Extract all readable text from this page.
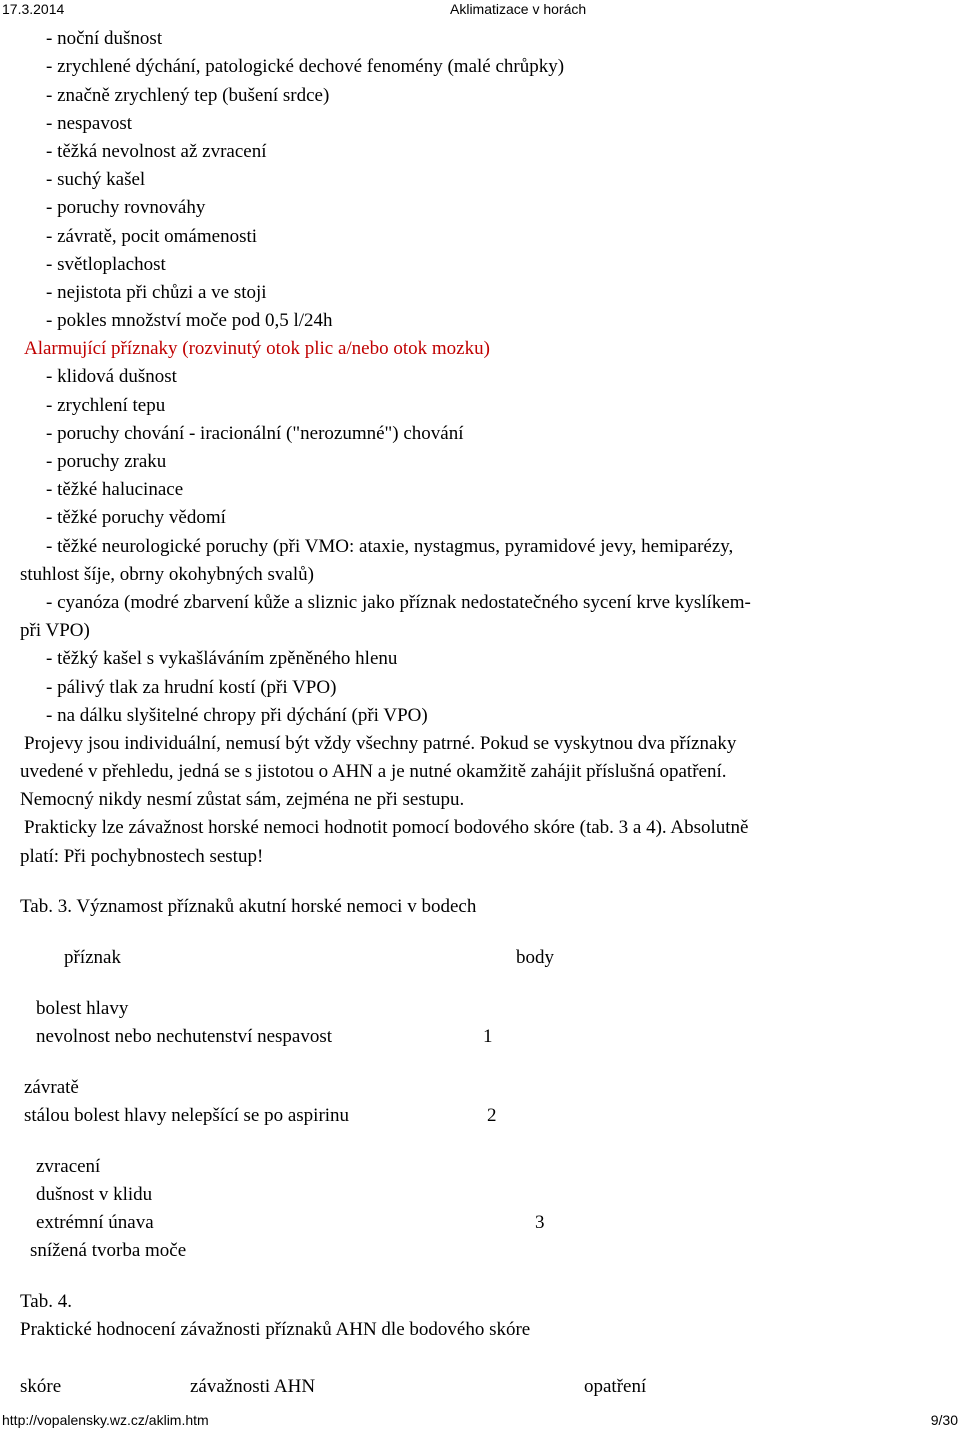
17.3.2014	Aklimatizace v horách
- noční dušnost
- zrychlené dýchání, patologické dechové fenomény (malé chrůpky)
- značně zrychlený tep (bušení srdce)
- nespavost
- těžká nevolnost až zvracení
- suchý kašel
- poruchy rovnováhy
- závratě, pocit omámenosti
- světloplachost
- nejistota při chůzi a ve stoji
- pokles množství moče pod 0,5 l/24h
Alarmující příznaky (rozvinutý otok plic a/nebo otok mozku)
- klidová dušnost
- zrychlení tepu
- poruchy chování - iracionální ("nerozumné") chování
- poruchy zraku
- těžké halucinace
- těžké poruchy vědomí
- těžké neurologické poruchy (při VMO: ataxie, nystagmus, pyramidové jevy, hemiparézy,
stuhlost šíje, obrny okohybných svalů)
- cyanóza (modré zbarvení kůže a sliznic jako příznak nedostatečného sycení krve kyslíkem-
při VPO)
- těžký kašel s vykašláváním zpěněného hlenu
- pálivý tlak za hrudní kostí (při VPO)
- na dálku slyšitelné chropy při dýchání (při VPO)
Projevy jsou individuální, nemusí být vždy všechny patrné. Pokud se vyskytnou dva příznaky
uvedené v přehledu, jedná se s jistotou o AHN a je nutné okamžitě zahájit příslušná opatření.
Nemocný nikdy nesmí zůstat sám, zejména ne při sestupu.
Prakticky lze závažnost horské nemoci hodnotit pomocí bodového skóre (tab. 3 a 4). Absolutně
platí: Při pochybnostech sestup!
Tab. 3. Významost příznaků akutní horské nemoci v bodech
příznak	body
bolest hlavy
nevolnost nebo nechutenství nespavost	1
závratě
stálou bolest hlavy nelepšící se po aspirinu	2
zvracení
dušnost v klidu
extrémní únava	3
snížená tvorba moče
Tab. 4.
Praktické hodnocení závažnosti příznaků AHN dle bodového skóre
skóre	závažnosti AHN	opatření
http://vopalensky.wz.cz/aklim.htm	9/30
